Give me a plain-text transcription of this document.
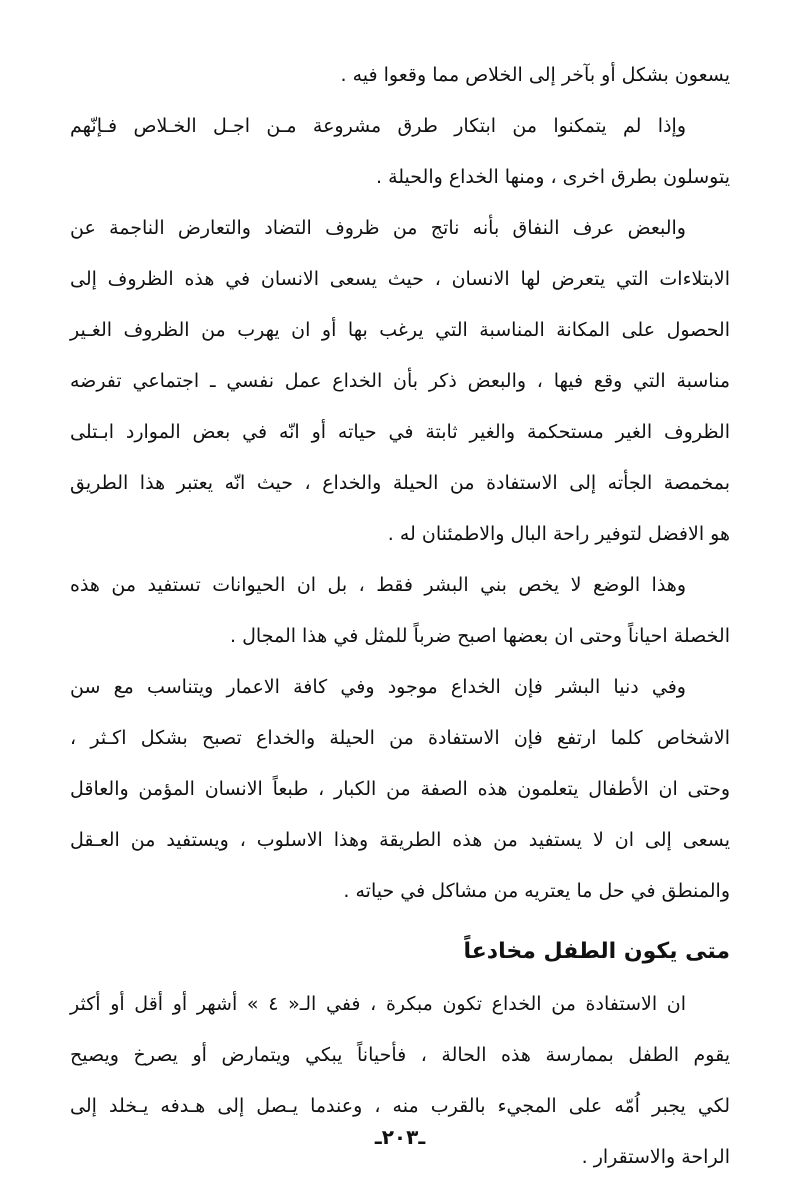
يسعون بشكل أو بآخر إلى الخلاص مما وقعوا فيه .
وإذا لم يتمكنوا من ابتكار طرق مشروعة مـن اجـل الخـلاص فـإنّهم
يتوسلون بطرق اخرى ، ومنها الخداع والحيلة .
والبعض عرف النفاق بأنه ناتج من ظروف التضاد والتعارض الناجمة عن
الابتلاءات التي يتعرض لها الانسان ، حيث يسعى الانسان في هذه الظروف إلى
الحصول على المكانة المناسبة التي يرغب بها أو ان يهرب من الظروف الغـير
مناسبة التي وقع فيها ، والبعض ذكر بأن الخداع عمل نفسي ـ اجتماعي تفرضه
الظروف الغير مستحكمة والغير ثابتة في حياته أو انّه في بعض الموارد ابـتلى
بمخمصة الجأته إلى الاستفادة من الحيلة والخداع ، حيث انّه يعتبر هذا الطريق
هو الافضل لتوفير راحة البال والاطمئنان له .
وهذا الوضع لا يخص بني البشر فقط ، بل ان الحيوانات تستفيد من هذه
الخصلة احياناً وحتى ان بعضها اصبح ضرباً للمثل في هذا المجال .
وفي دنيا البشر فإن الخداع موجود وفي كافة الاعمار ويتناسب مع سن
الاشخاص كلما ارتفع فإن الاستفادة من الحيلة والخداع تصبح بشكل اكـثر ،
وحتى ان الأطفال يتعلمون هذه الصفة من الكبار ، طبعاً الانسان المؤمن والعاقل
يسعى إلى ان لا يستفيد من هذه الطريقة وهذا الاسلوب ، ويستفيد من العـقل
والمنطق في حل ما يعتريه من مشاكل في حياته .
متى يكون الطفل مخادعاً
ان الاستفادة من الخداع تكون مبكرة ، ففي الـ« ٤ » أشهر أو أقل أو أكثر
يقوم الطفل بممارسة هذه الحالة ، فأحياناً يبكي ويتمارض أو يصرخ ويصيح
لكي يجبر اُمّه على المجيء بالقرب منه ، وعندما يـصل إلى هـدفه يـخلد إلى
الراحة والاستقرار .
ـ٢٠٣ـ
